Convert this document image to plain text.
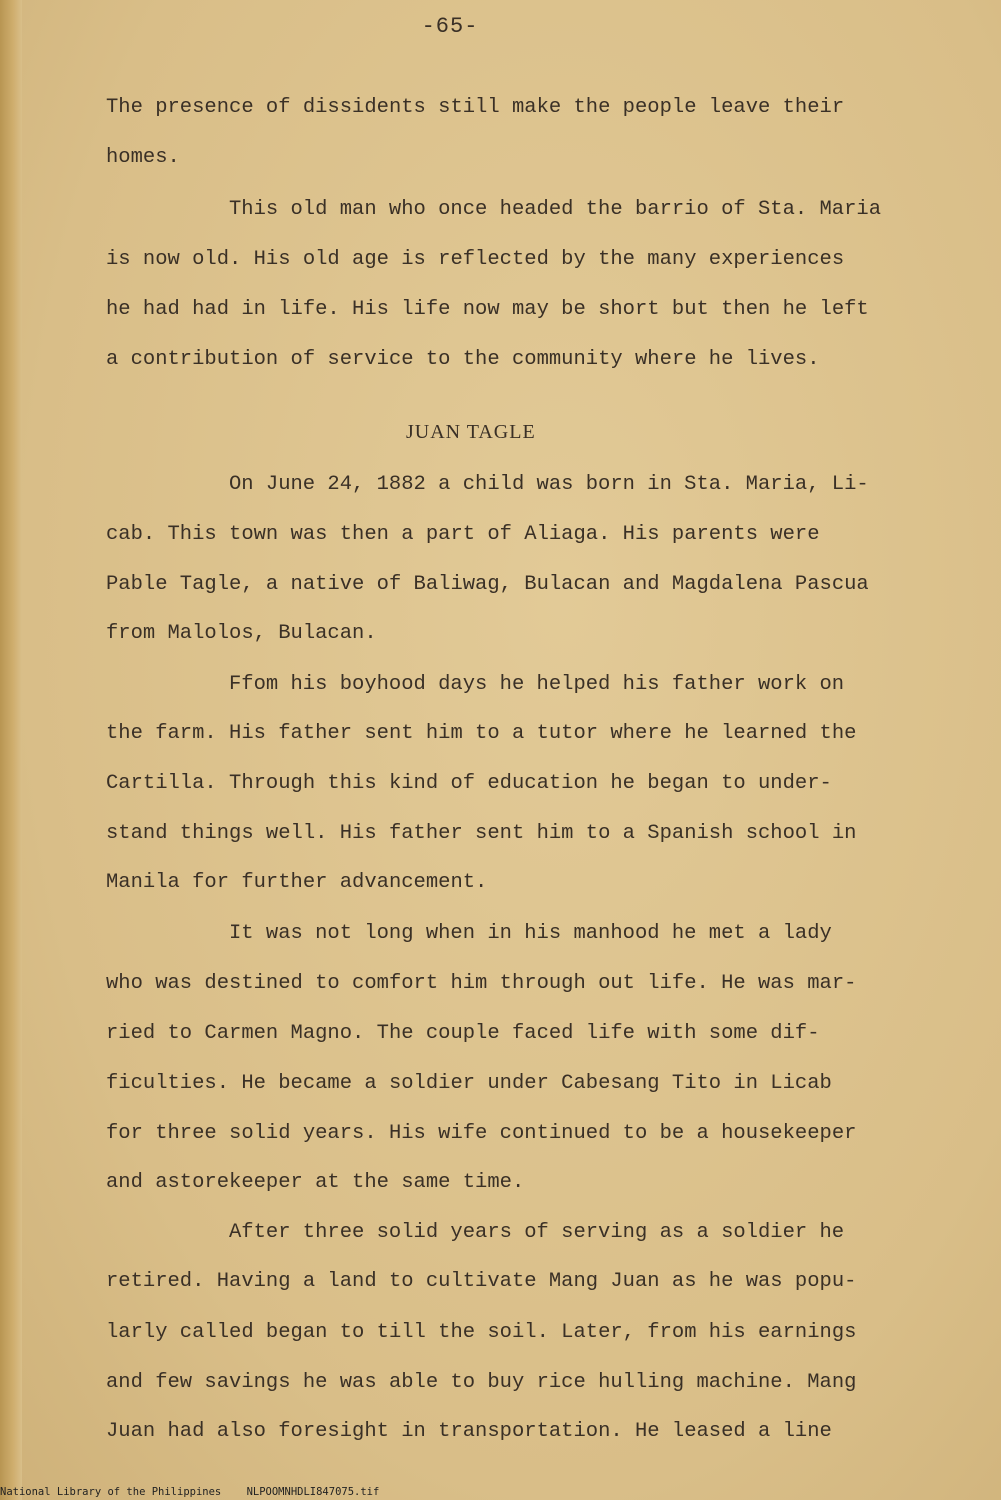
-65-
The presence of dissidents still make the people leave their
homes.
This old man who once headed the barrio of Sta. Maria
is now old. His old age is reflected by the many experiences
he had had in life. His life now may be short but then he left
a contribution of service to the community where he lives.
JUAN TAGLE
On June 24, 1882 a child was born in Sta. Maria, Li-
cab. This town was then a part of Aliaga. His parents were
Pable Tagle, a native of Baliwag, Bulacan and Magdalena Pascua
from Malolos, Bulacan.
Ffom his boyhood days he helped his father work on
the farm. His father sent him to a tutor where he learned the
Cartilla. Through this kind of education he began to under-
stand things well. His father sent him to a Spanish school in
Manila for further advancement.
It was not long when in his manhood he met a lady
who was destined to comfort him through out life. He was mar-
ried to Carmen Magno. The couple faced life with some dif-
ficulties. He became a soldier under Cabesang Tito in Licab
for three solid years. His wife continued to be a housekeeper
and astorekeeper at the same time.
After three solid years of serving as a soldier he
retired. Having a land to cultivate Mang Juan as he was popu-
larly called began to till the soil. Later, from his earnings
and few savings he was able to buy rice hulling machine. Mang
Juan had also foresight in transportation. He leased a line
National Library of the Philippines NLPOOMNHDLI847075.tif
